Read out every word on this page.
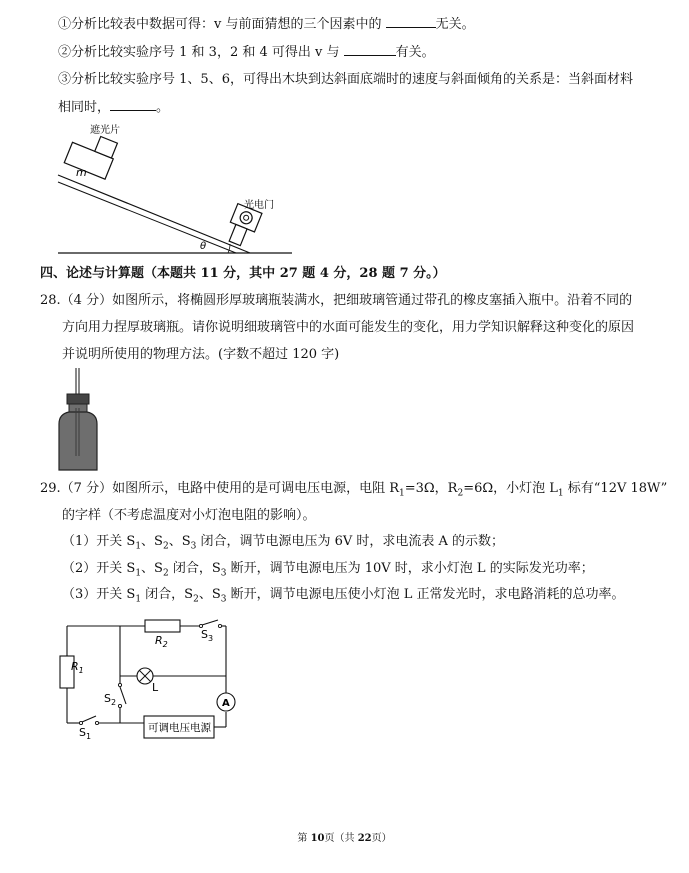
①分析比较表中数据可得：v 与前面猜想的三个因素中的	无关。
②分析比较实验序号 1 和 3，2 和 4 可得出 v 与	有关。
③分析比较实验序号 1、5、6，可得出木块到达斜面底端时的速度与斜面倾角的关系是：当斜面材料
相同时，	。
θ
m
遮光片
光电门
四、论述与计算题（本题共 11 分，其中 27 题 4 分，28 题 7 分。）
28.（4 分）如图所示，将椭圆形厚玻璃瓶装满水，把细玻璃管通过带孔的橡皮塞插入瓶中。沿着不同的
方向用力捏厚玻璃瓶。请你说明细玻璃管中的水面可能发生的变化，用力学知识解释这种变化的原因
并说明所使用的物理方法。(字数不超过 120 字)
29.（7 分）如图所示，电路中使用的是可调电压电源，电阻 $R_1=3\Omega$，$R_2=6\Omega$，小灯泡 $L_1$ 标有“12V 18W”
的字样（不考虑温度对小灯泡电阻的影响）。
（1）开关 $S_1$、$S_2$、$S_3$ 闭合，调节电源电压为 6V 时，求电流表 A 的示数；
（2）开关 $S_1$、$S_2$ 闭合，$S_3$ 断开，调节电源电压为 10V 时，求小灯泡 L 的实际发光功率；
（3）开关 $S_1$ 闭合，$S_2$、$S_3$ 断开，调节电源电压使小灯泡 L 正常发光时，求电路消耗的总功率。
$R_1$
$R_2$
$S_3$
L
$S_2$	A
$S_1$
可调电压电源
第 10页（共 22页）
